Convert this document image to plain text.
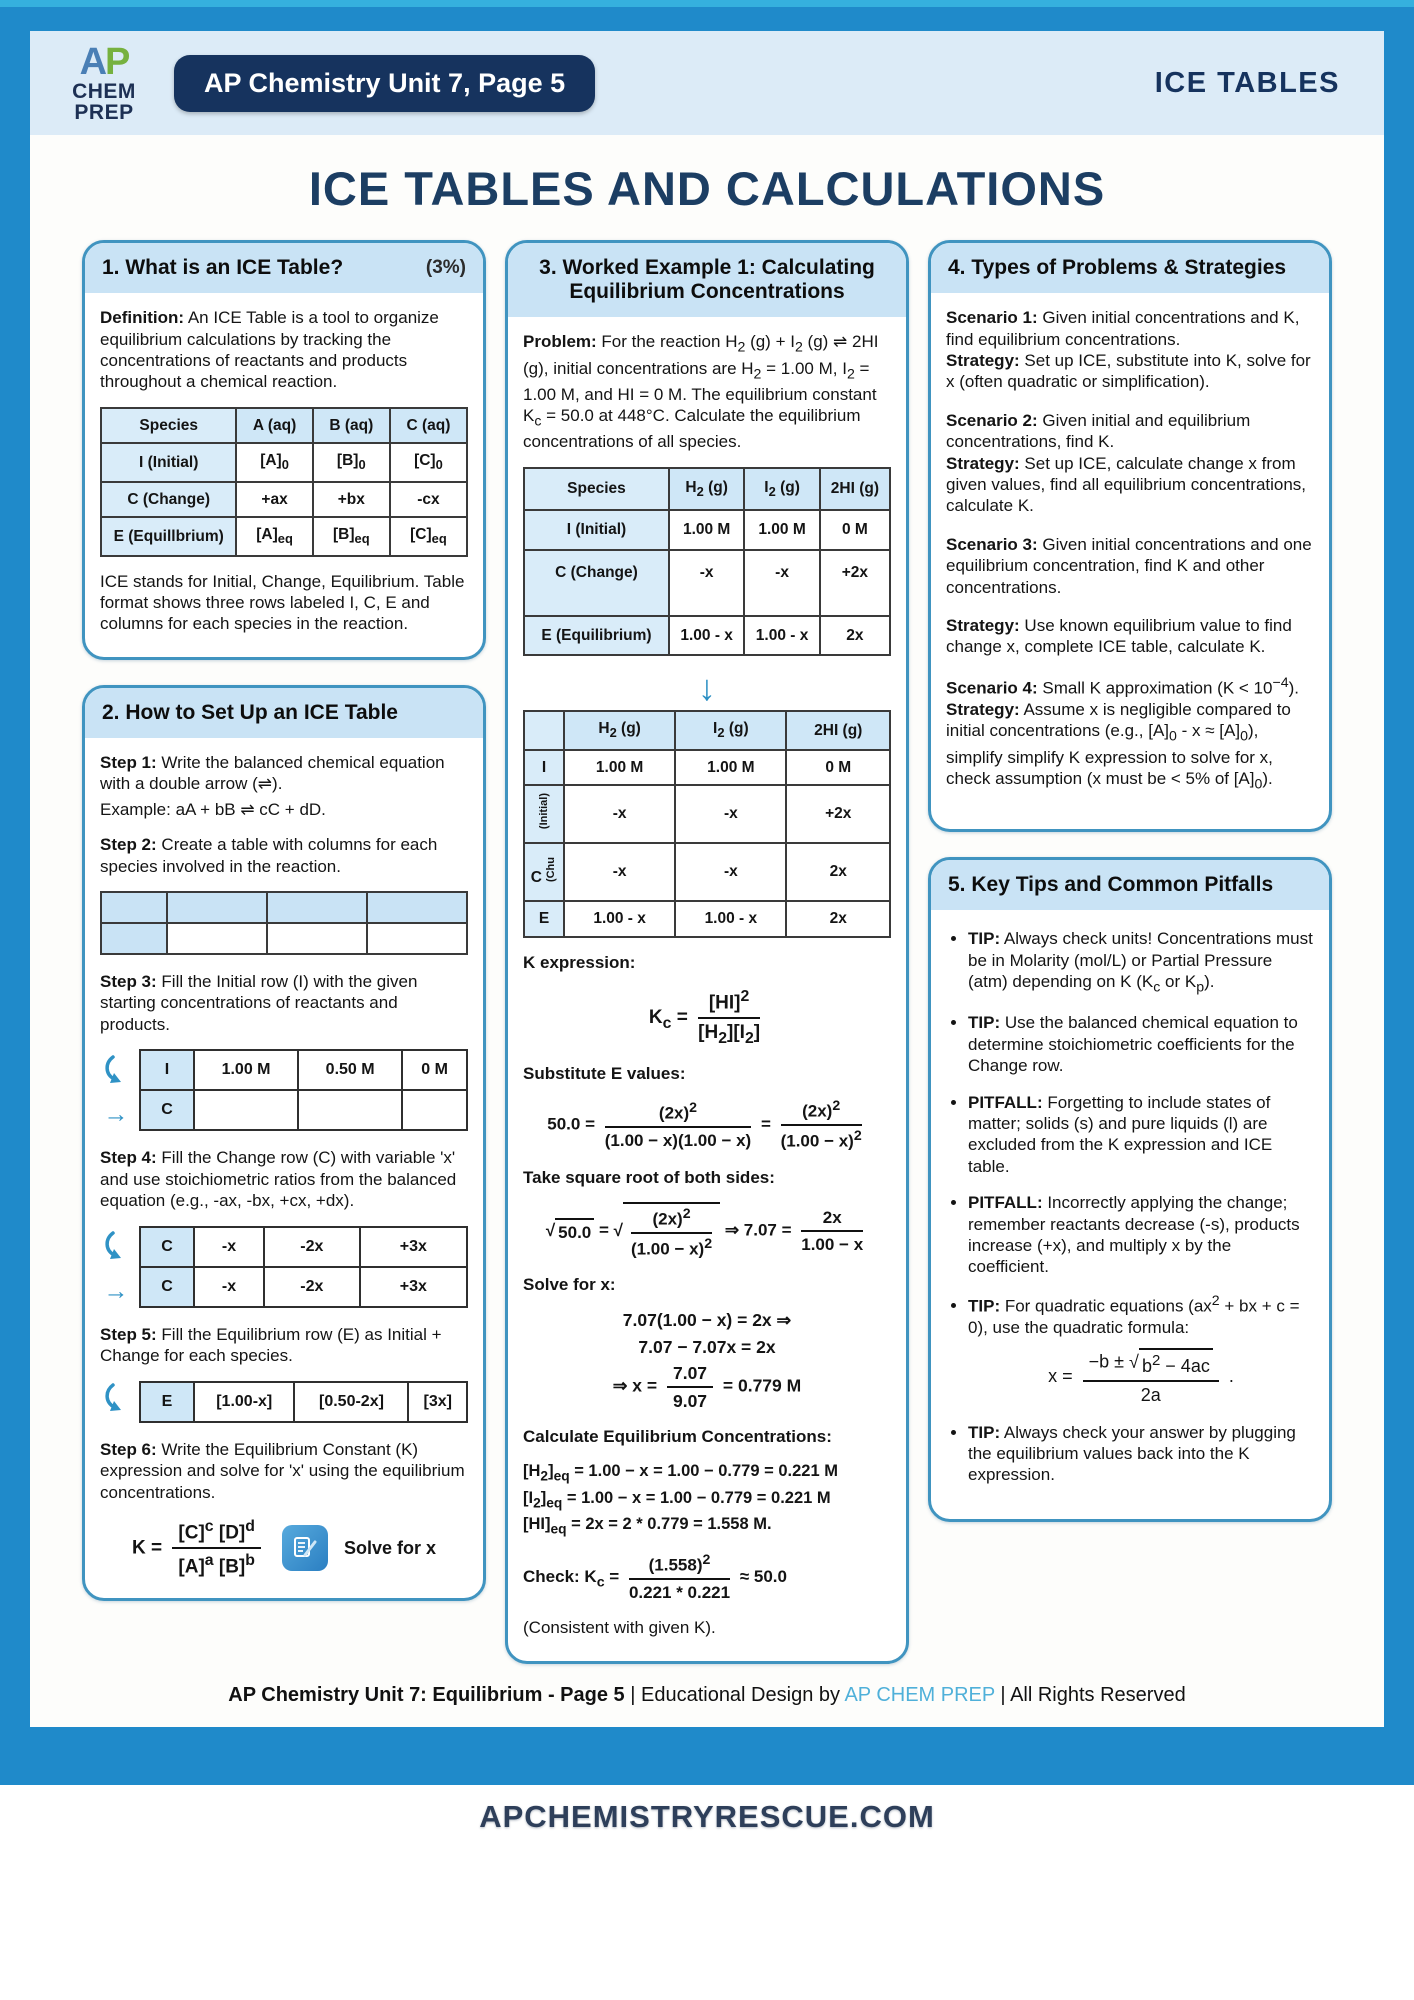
AP
CHEM
PREP
AP Chemistry Unit 7, Page 5	ICE TABLES
ICE TABLES AND CALCULATIONS
1. What is an ICE Table?	(3%)

Definition: An ICE Table is a tool to organize equilibrium calculations by tracking the concentrations of reactants and products throughout a chemical reaction.

Species	A (aq)	B (aq)	C (aq)
I (Initial)	$[A]_0$	$[B]_0$	$[C]_0$
C (Change)	+ax	+bx	-cx
E (Equillbrium)	$[A]_{eq}$	$[B]_{eq}$	$[C]_{eq}$

ICE stands for Initial, Change, Equilibrium. Table format shows three rows labeled I, C, E and columns for each species in the reaction.

2. How to Set Up an ICE Table

Step 1: Write the balanced chemical equation with a double arrow (⇌).

Example: aA + bB ⇌ cC + dD.

Step 2: Create a table with columns for each species involved in the reaction.

Step 3: Fill the Initial row (I) with the given starting concentrations of reactants and products.

→
I	1.00 M	0.50 M	0 M
C			

Step 4: Fill the Change row (C) with variable 'x' and use stoichiometric ratios from the balanced equation (e.g., -ax, -bx, +cx, +dx).

→
C	-x	-2x	+3x
C	-x	-2x	+3x

Step 5: Fill the Equilibrium row (E) as Initial + Change for each species.

E	[1.00-x]	[0.50-2x]	[3x]

Step 6: Write the Equilibrium Constant (K) expression and solve for 'x' using the equilibrium concentrations.

$K = \frac{[C]^c [D]^d}{[A]^a [B]^b}$	Solve for x
3. Worked Example 1: Calculating Equilibrium Concentrations

Problem: For the reaction $H_2$ $(g) + I_2$ (g) ⇌ 2HI (g), initial concentrations are $H_2 = 1.00$ M, $I_2 = 1.00$ M, and HI = 0 M. The equilibrium constant $K_c = 50.0$ at 448°C. Calculate the equilibrium concentrations of all species.

Species	$H_2$ (g)	$I_2$ (g)	2HI (g)
I (Initial)	1.00 M	1.00 M	0 M
C (Change)	-x	-x	+2x
E (Equilibrium)	1.00 - x	1.00 - x	2x
↓
	$H_2$ (g)	$I_2$ (g)	2HI (g)
I	1.00 M	1.00 M	0 M
(Initial)	-x	-x	+2x
C (Chu	-x	-x	2x
E	1.00 - x	1.00 - x	2x

K expression:

$K_c = \frac{[HI]^2}{[H_2][I_2]}$

Substitute E values:

$50.0 = \frac{(2x)^2}{(1.00 - x)(1.00 - x)} = \frac{(2x)^2}{(1.00 - x)^2}$

Take square root of both sides:

√ 50.0 = √ $\frac{(2x)^2}{(1.00 - x)^2}$ ⇒ $7.07 = \frac{2x}{1.00 - x}$

Solve for x:

7.07(1.00 − x) = 2x ⇒
7.07 − 7.07x = 2x
⇒ $x = \frac{7.07}{9.07} = 0.779$ M

Calculate Equilibrium Concentrations:

$[H_2]_{eq} = 1.00 - x = 1.00 - 0.779 = 0.221$ M
$[I_2]_{eq} = 1.00 - x = 1.00 - 0.779 = 0.221$ M
$[HI]_{eq} = 2x = 2 * 0.779 = 1.558$ M.

Check: $K_c = \frac{(1.558)^2}{0.221 * 0.221} \approx 50.0$

(Consistent with given K).

4. Types of Problems & Strategies

Scenario 1: Given initial concentrations and K, find equilibrium concentrations.

Strategy: Set up ICE, substitute into K, solve for x (often quadratic or simplification).

Scenario 2: Given initial and equilibrium concentrations, find K.

Strategy: Set up ICE, calculate change x from given values, find all equilibrium concentrations, calculate K.

Scenario 3: Given initial concentrations and one equilibrium concentration, find K and other concentrations.

Strategy: Use known equilibrium value to find change x, complete ICE table, calculate K.

Scenario 4: Small K approximation $(K < 10^{-4})$.

Strategy: Assume x is negligible compared to initial concentrations (e.g., $[A]_0 - x \approx [A]_0$), simplify simplify K expression to solve for x, check assumption (x must be < 5% of $[A]_0$).

5. Key Tips and Common Pitfalls
• TIP: Always check units! Concentrations must be in Molarity (mol/L) or Partial Pressure (atm) depending on K ($K_c$ or $K_p$).
• TIP: Use the balanced chemical equation to determine stoichiometric coefficients for the Change row.
• PITFALL: Forgetting to include states of matter; solids (s) and pure liquids (l) are excluded from the K expression and ICE table.
• PITFALL: Incorrectly applying the change; remember reactants decrease (-s), products increase (+x), and multiply x by the coefficient.
• TIP: For quadratic equations ($ax^2$ + bx + c = 0), use the quadratic formula:
$x = \frac{-b \pm √ b^2 - 4ac}{2a}$ .
• TIP: Always check your answer by plugging the equilibrium values back into the K expression.
AP Chemistry Unit 7: Equilibrium - Page 5 | Educational Design by AP CHEM PREP | All Rights Reserved
APCHEMISTRYRESCUE.COM
